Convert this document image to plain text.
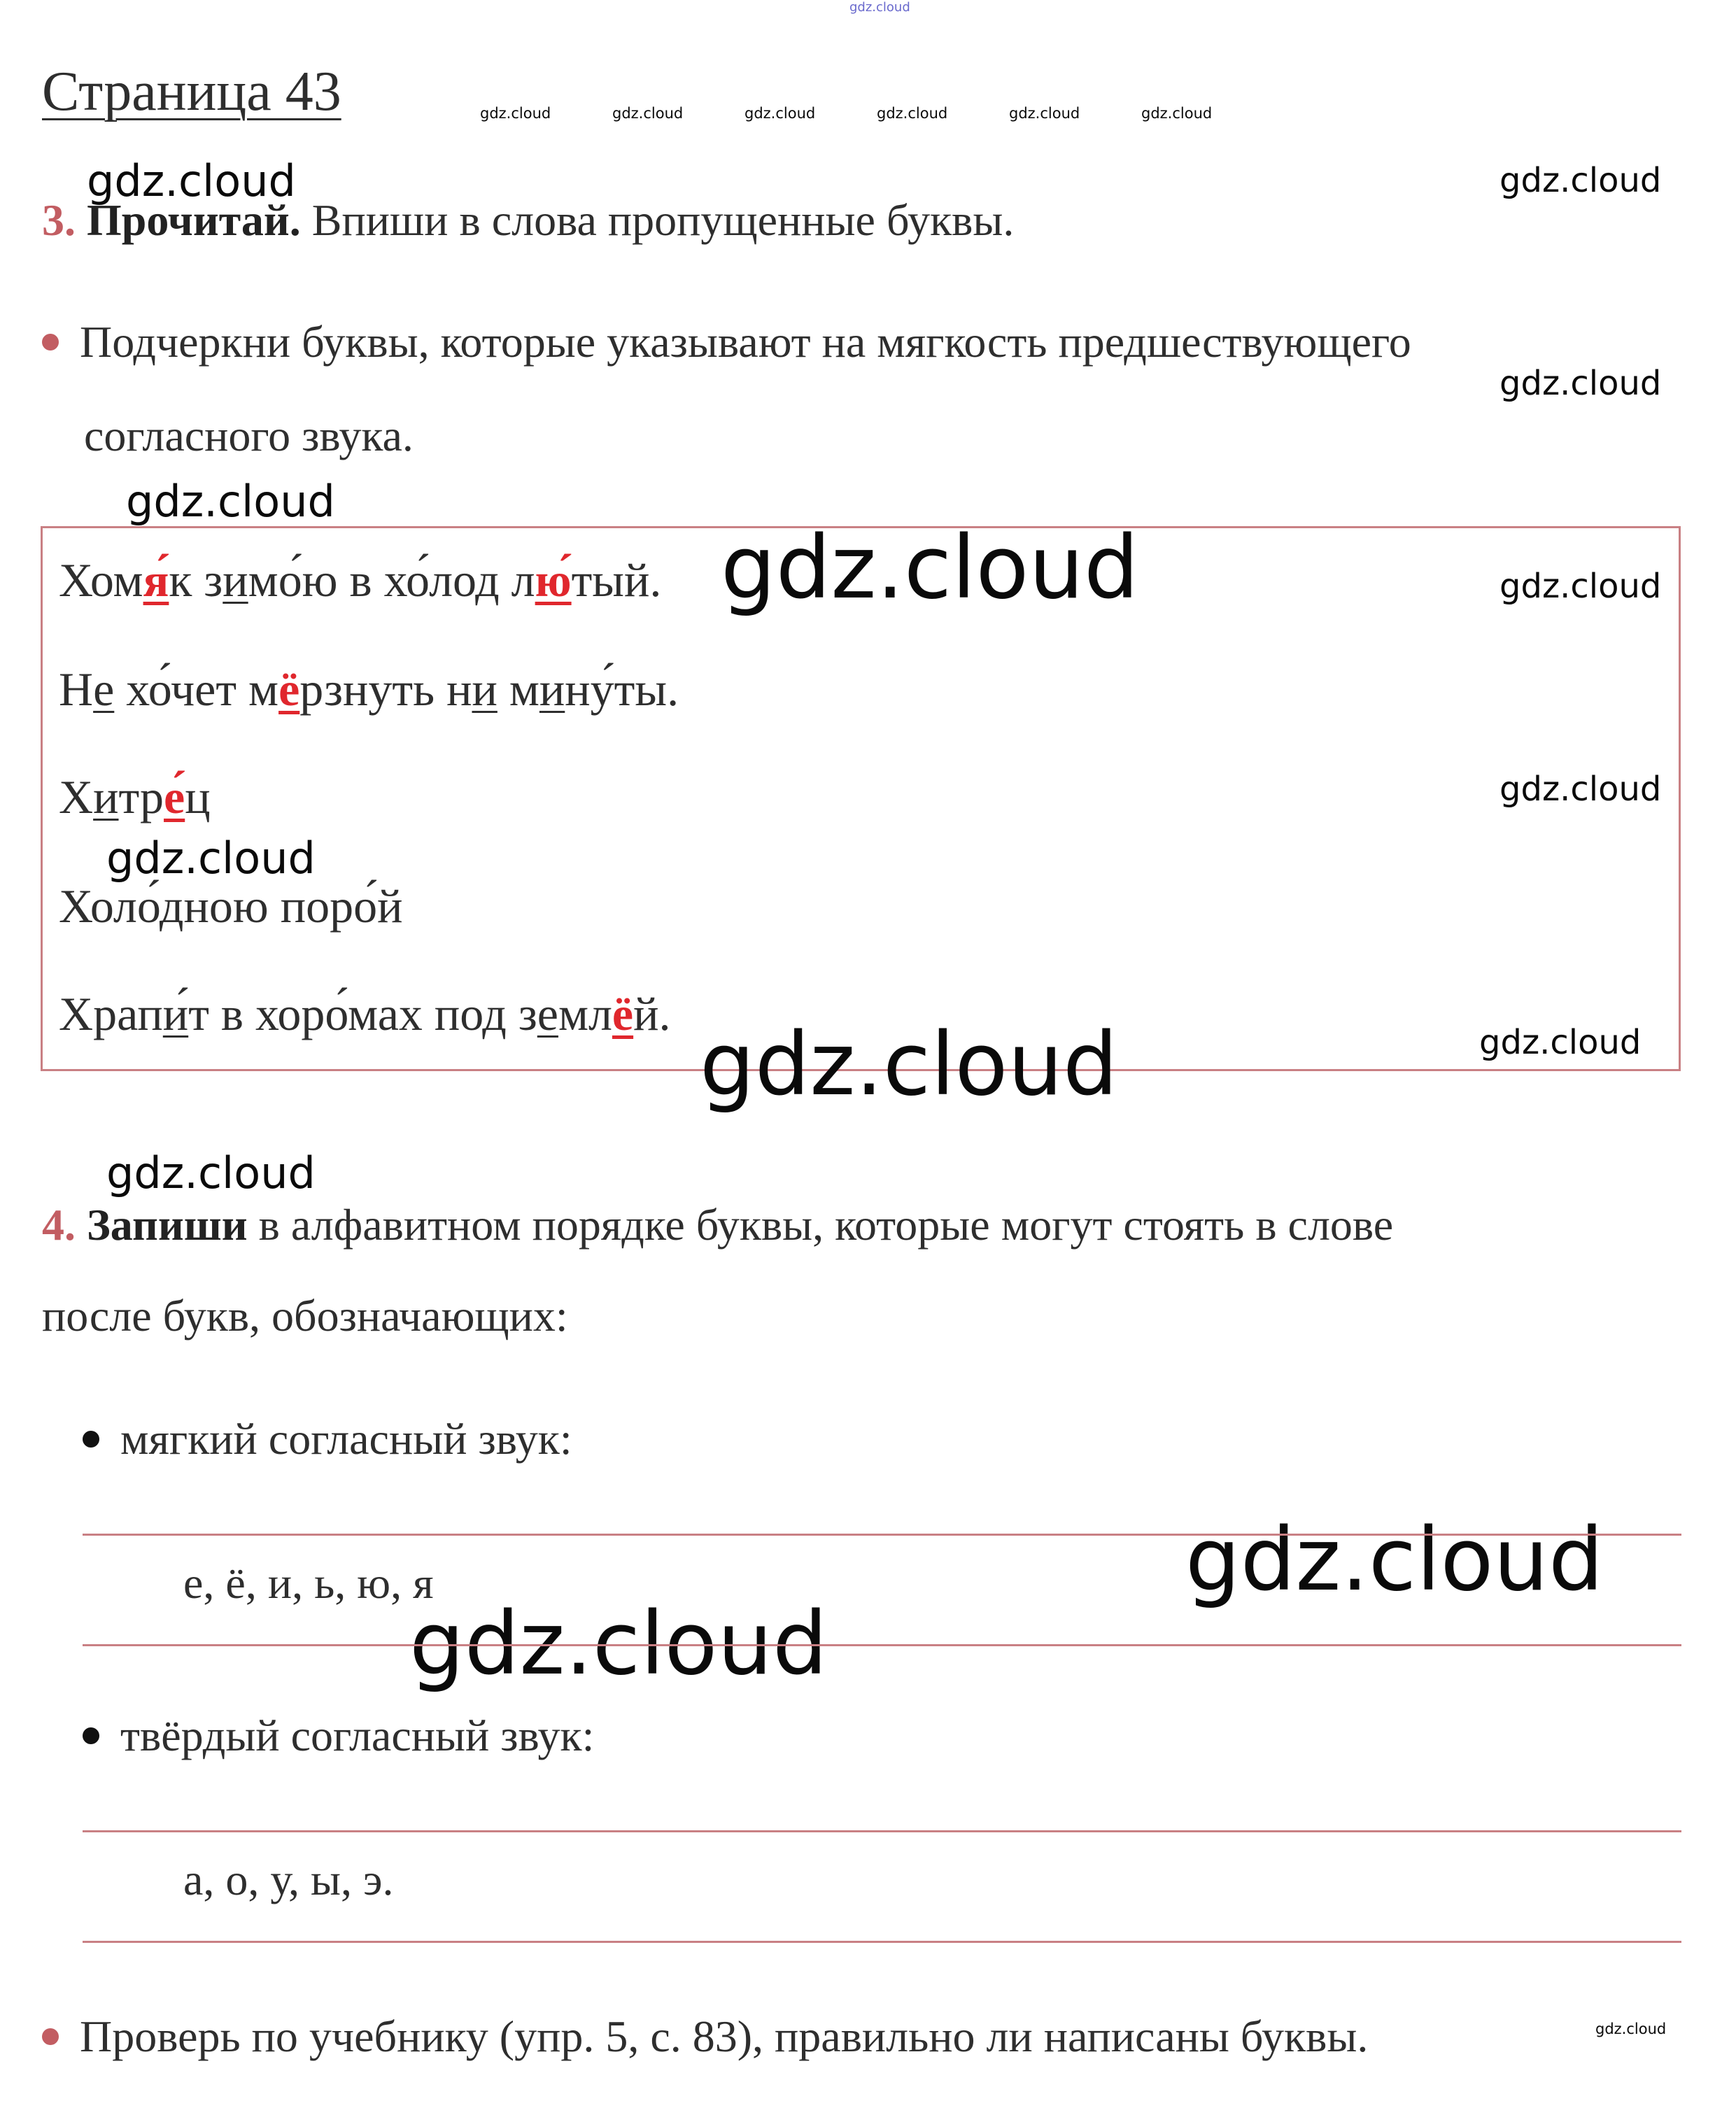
gdz.cloud
Страница 43	gdz.cloud	gdz.cloud	gdz.cloud	gdz.cloud	gdz.cloud	gdz.cloud
gdz.cloud	gdz.cloud
gdz.cloud
gdz.cloud
gdz.cloud
gdz.cloud
gdz.cloud
gdz.cloud
gdz.cloud
3. Прочитай. Впиши в слова пропущенные буквы.
Подчеркни буквы, которые указывают на мягкость предшествующего
согласного звука.
Хомя́к зимо́ю в хо́лод лю́тый.
Не хо́чет мёрзнуть ни мину́ты.
Хитре́ц
Холо́дною поро́й
Храпи́т в хоро́мах под землёй.
gdz.cloud
gdz.cloud
gdz.cloud
gdz.cloud
4. Запиши в алфавитном порядке буквы, которые могут стоять в слове
после букв, обозначающих:
мягкий согласный звук:
е, ё, и, ь, ю, я
твёрдый согласный звук:
а, о, у, ы, э.
Проверь по учебнику (упр. 5, с. 83), правильно ли написаны буквы.	gdz.cloud
